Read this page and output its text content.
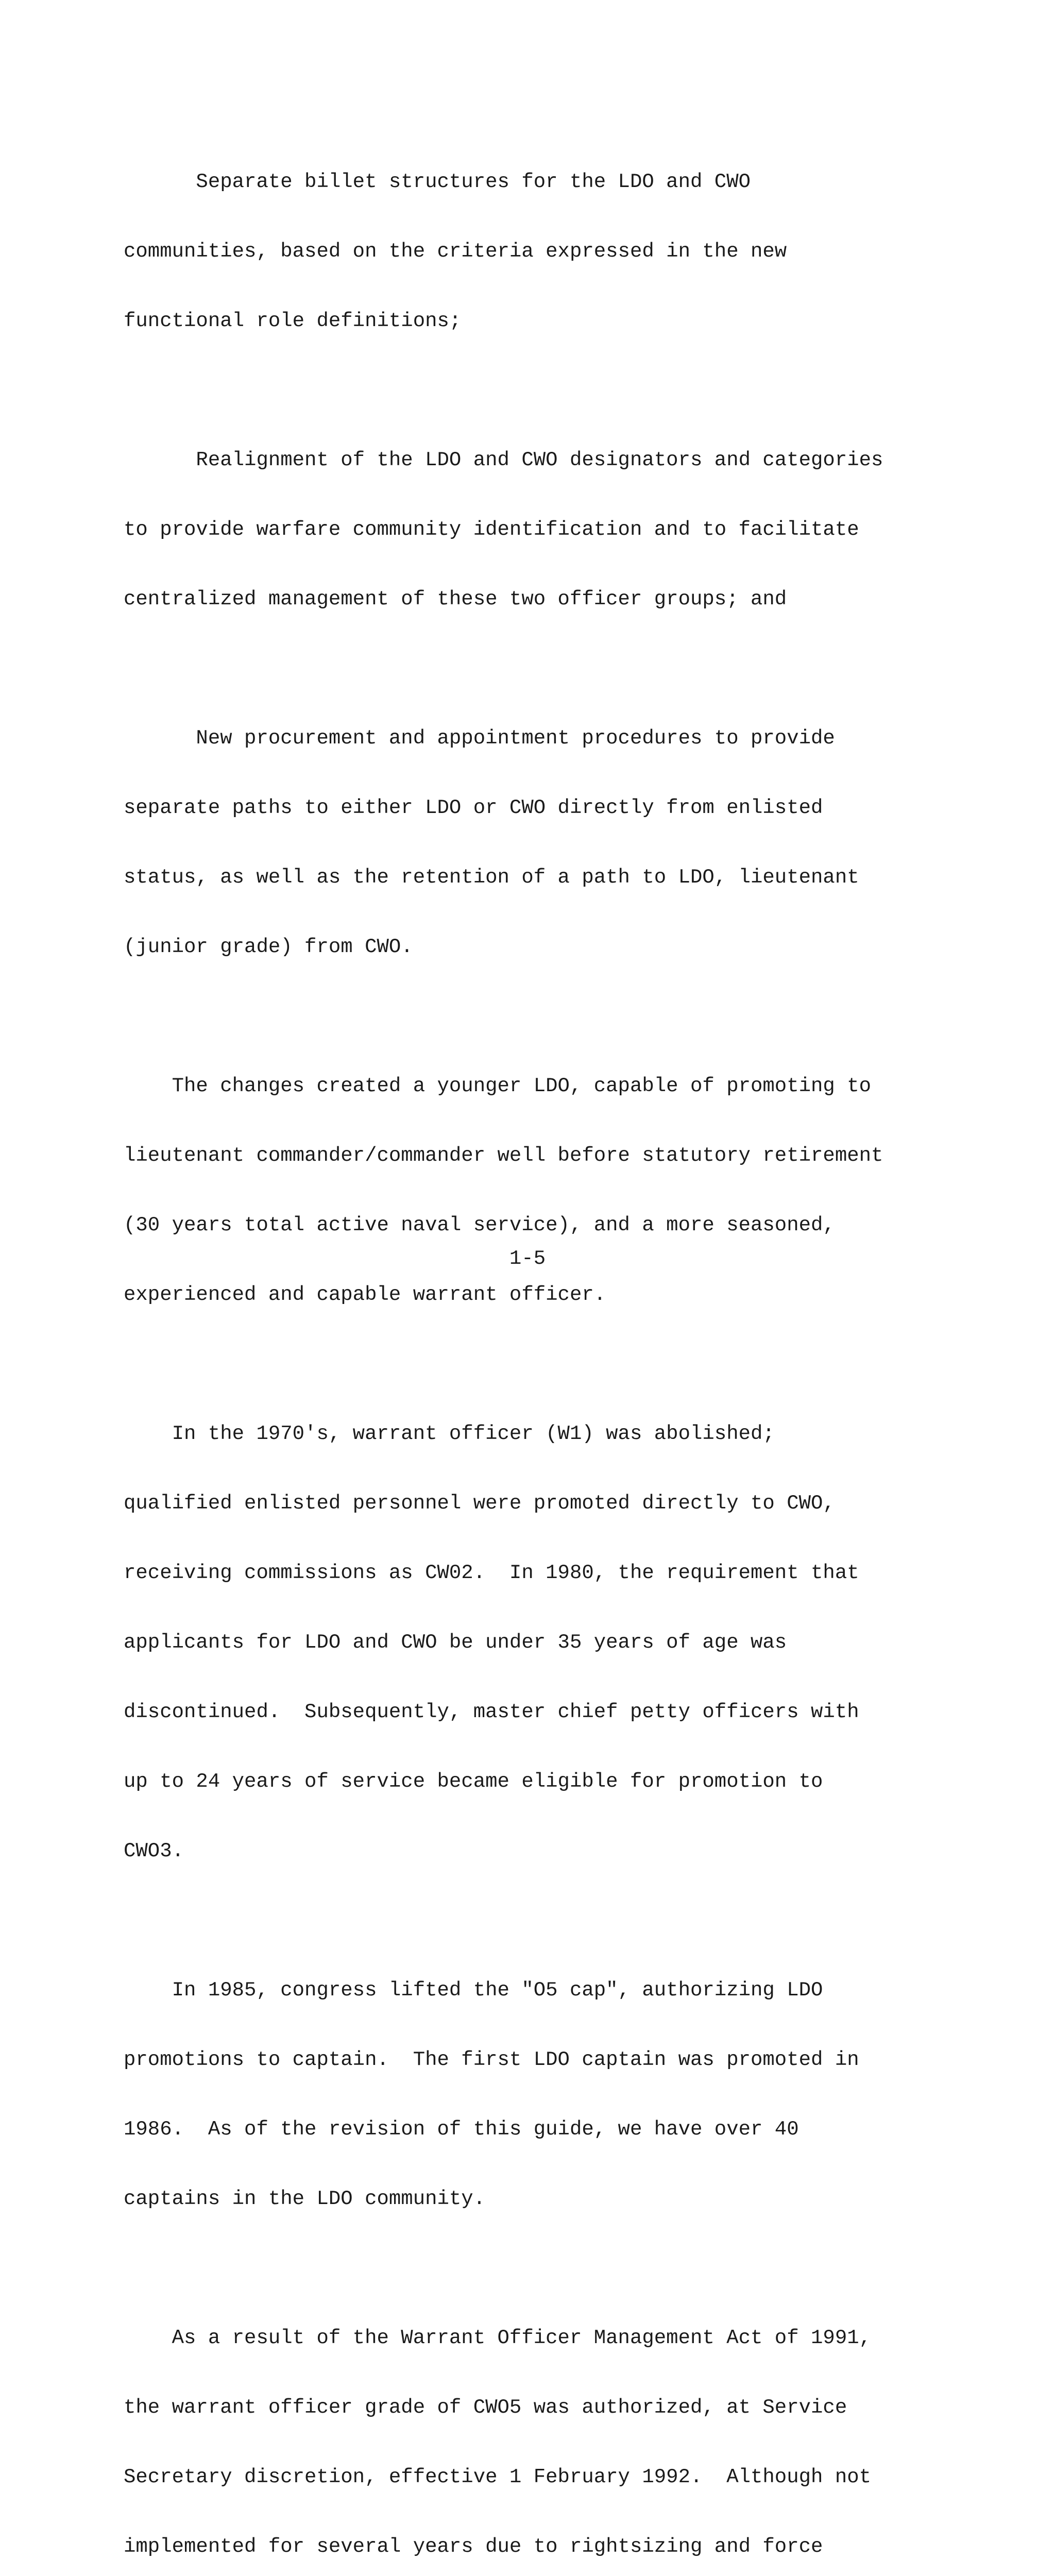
Separate billet structures for the LDO and CWO

communities, based on the criteria expressed in the new

functional role definitions;

Realignment of the LDO and CWO designators and categories

to provide warfare community identification and to facilitate

centralized management of these two officer groups; and

New procurement and appointment procedures to provide

separate paths to either LDO or CWO directly from enlisted

status, as well as the retention of a path to LDO, lieutenant

(junior grade) from CWO.

The changes created a younger LDO, capable of promoting to

lieutenant commander/commander well before statutory retirement

(30 years total active naval service), and a more seasoned,

experienced and capable warrant officer.

In the 1970's, warrant officer (W1) was abolished;

qualified enlisted personnel were promoted directly to CWO,

receiving commissions as CW02.  In 1980, the requirement that

applicants for LDO and CWO be under 35 years of age was

discontinued.  Subsequently, master chief petty officers with

up to 24 years of service became eligible for promotion to

CWO3.

In 1985, congress lifted the "O5 cap", authorizing LDO

promotions to captain.  The first LDO captain was promoted in

1986.  As of the revision of this guide, we have over 40

captains in the LDO community.

As a result of the Warrant Officer Management Act of 1991,

the warrant officer grade of CWO5 was authorized, at Service

Secretary discretion, effective 1 February 1992.  Although not

implemented for several years due to rightsizing and force

1-5
